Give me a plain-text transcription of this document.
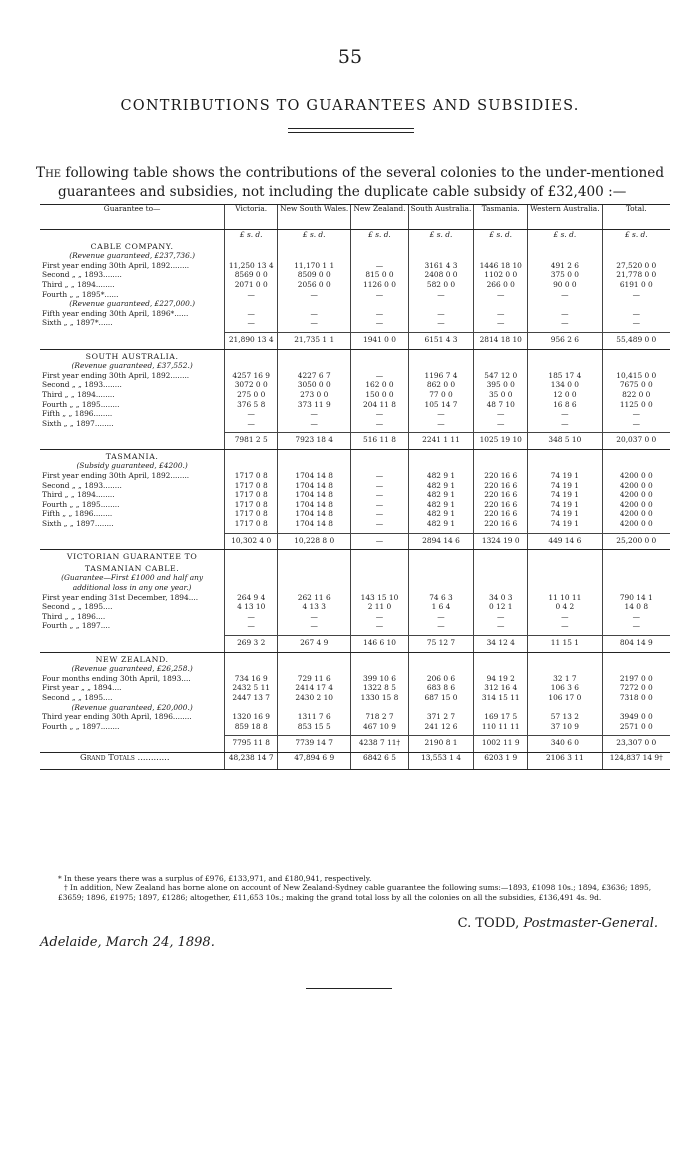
55
CONTRIBUTIONS TO GUARANTEES AND SUBSIDIES.
The following table shows the contributions of the several colonies to the under-mentioned
guarantees and subsidies, not including the duplicate cable subsidy of £32,400 :—
Guarantee to—	Victoria.	New South Wales.	New Zealand.	South Australia.	Tasmania.	Western Australia.	Total.
	£ s. d.	£ s. d.	£ s. d.	£ s. d.	£ s. d.	£ s. d.	£ s. d.
CABLE COMPANY.							
(Revenue guaranteed, £237,736.)							
First year ending 30th April, 1892........	11,250 13 4	11,170 1 1	—	3161 4 3	1446 18 10	491 2 6	27,520 0 0
Second „ „ 1893........	8569 0 0	8509 0 0	815 0 0	2408 0 0	1102 0 0	375 0 0	21,778 0 0
Third „ „ 1894........	2071 0 0	2056 0 0	1126 0 0	582 0 0	266 0 0	90 0 0	6191 0 0
Fourth „ „ 1895*......	—	—	—	—	—	—	—
(Revenue guaranteed, £227,000.)							
Fifth year ending 30th April, 1896*......	—	—	—	—	—	—	—
Sixth „ „ 1897*......	—	—	—	—	—	—	—

	21,890 13 4	21,735 1 1	1941 0 0	6151 4 3	2814 18 10	956 2 6	55,489 0 0
SOUTH AUSTRALIA.							
(Revenue guaranteed, £37,552.)							
First year ending 30th April, 1892........	4257 16 9	4227 6 7	—	1196 7 4	547 12 0	185 17 4	10,415 0 0
Second „ „ 1893........	3072 0 0	3050 0 0	162 0 0	862 0 0	395 0 0	134 0 0	7675 0 0
Third „ „ 1894........	275 0 0	273 0 0	150 0 0	77 0 0	35 0 0	12 0 0	822 0 0
Fourth „ „ 1895........	376 5 8	373 11 9	204 11 8	105 14 7	48 7 10	16 8 6	1125 0 0
Fifth „ „ 1896........	—	—	—	—	—	—	—
Sixth „ „ 1897........	—	—	—	—	—	—	—

	7981 2 5	7923 18 4	516 11 8	2241 1 11	1025 19 10	348 5 10	20,037 0 0
TASMANIA.							
(Subsidy guaranteed, £4200.)							
First year ending 30th April, 1892........	1717 0 8	1704 14 8	—	482 9 1	220 16 6	74 19 1	4200 0 0
Second „ „ 1893........	1717 0 8	1704 14 8	—	482 9 1	220 16 6	74 19 1	4200 0 0
Third „ „ 1894........	1717 0 8	1704 14 8	—	482 9 1	220 16 6	74 19 1	4200 0 0
Fourth „ „ 1895........	1717 0 8	1704 14 8	—	482 9 1	220 16 6	74 19 1	4200 0 0
Fifth „ „ 1896........	1717 0 8	1704 14 8	—	482 9 1	220 16 6	74 19 1	4200 0 0
Sixth „ „ 1897........	1717 0 8	1704 14 8	—	482 9 1	220 16 6	74 19 1	4200 0 0

	10,302 4 0	10,228 8 0	—	2894 14 6	1324 19 0	449 14 6	25,200 0 0
VICTORIAN GUARANTEE TO							
TASMANIAN CABLE.							
(Guarantee—First £1000 and half any							
additional loss in any one year.)							
First year ending 31st December, 1894....	264 9 4	262 11 6	143 15 10	74 6 3	34 0 3	11 10 11	790 14 1
Second „ „ 1895....	4 13 10	4 13 3	2 11 0	1 6 4	0 12 1	0 4 2	14 0 8
Third „ „ 1896....	—	—	—	—	—	—	—
Fourth „ „ 1897....	—	—	—	—	—	—	—

	269 3 2	267 4 9	146 6 10	75 12 7	34 12 4	11 15 1	804 14 9
NEW ZEALAND.							
(Revenue guaranteed, £26,258.)							
Four months ending 30th April, 1893....	734 16 9	729 11 6	399 10 6	206 0 6	94 19 2	32 1 7	2197 0 0
First year „ „ 1894....	2432 5 11	2414 17 4	1322 8 5	683 8 6	312 16 4	106 3 6	7272 0 0
Second „ „ 1895....	2447 13 7	2430 2 10	1330 15 8	687 15 0	314 15 11	106 17 0	7318 0 0
(Revenue guaranteed, £20,000.)							
Third year ending 30th April, 1896........	1320 16 9	1311 7 6	718 2 7	371 2 7	169 17 5	57 13 2	3949 0 0
Fourth „ „ 1897........	859 18 8	853 15 5	467 10 9	241 12 6	110 11 11	37 10 9	2571 0 0

	7795 11 8	7739 14 7	4238 7 11†	2190 8 1	1002 11 9	340 6 0	23,307 0 0
Grand Totals ............	48,238 14 7	47,894 6 9	6842 6 5	13,553 1 4	6203 1 9	2106 3 11	124,837 14 9†
* In these years there was a surplus of £976, £133,971, and £180,941, respectively.
† In addition, New Zealand has borne alone on account of New Zealand-Sydney cable guarantee the following sums:—1893, £1098 10s.; 1894, £3636; 1895, £3659; 1896, £1975; 1897, £1286; altogether, £11,653 10s.; making the grand total loss by all the colonies on all the subsidies, £136,491 4s. 9d.
C. TODD, Postmaster-General.
Adelaide, March 24, 1898.
